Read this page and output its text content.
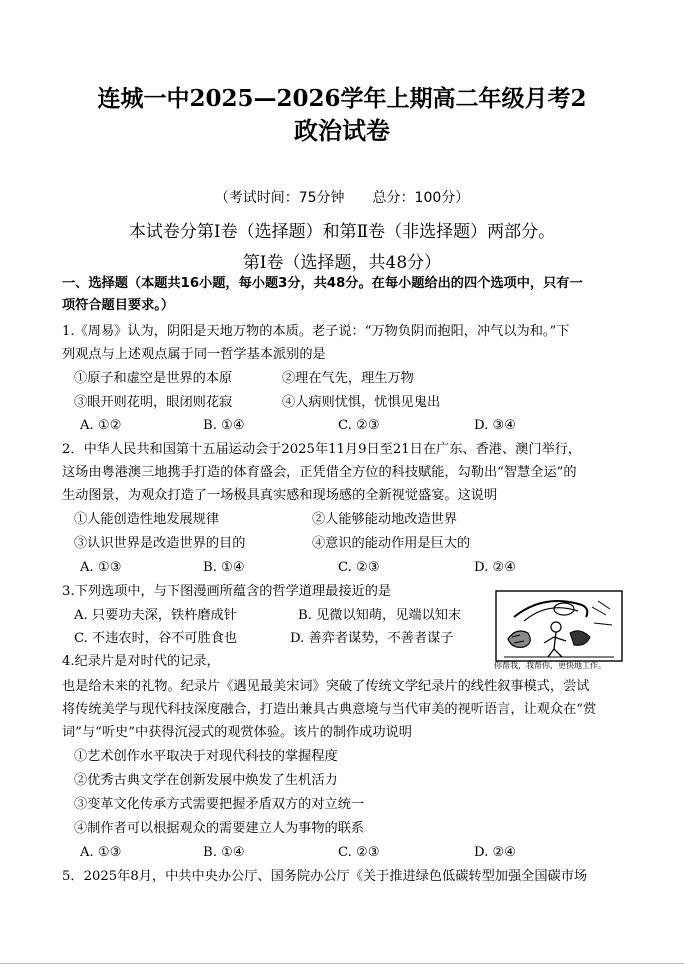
连城一中2025—2026学年上期高二年级月考2
政治试卷
（考试时间：75分钟 总分：100分）
本试卷分第Ⅰ卷（选择题）和第Ⅱ卷（非选择题）两部分。
第Ⅰ卷（选择题，共48分）
一、选择题（本题共16小题，每小题3分，共48分。在每小题给出的四个选项中，只有一
项符合题目要求。）
1.《周易》认为，阴阳是天地万物的本质。老子说：“万物负阴而抱阳，冲气以为和。”下
列观点与上述观点属于同一哲学基本派别的是
①原子和虚空是世界的本原	②理在气先，理生万物
③眼开则花明，眼闭则花寂	④人病则忧惧，忧惧见鬼出
A. ①②	B. ①④	C. ②③	D. ③④
2．中华人民共和国第十五届运动会于2025年11月9日至21日在广东、香港、澳门举行，
这场由粤港澳三地携手打造的体育盛会，正凭借全方位的科技赋能，勾勒出“智慧全运”的
生动图景，为观众打造了一场极具真实感和现场感的全新视觉盛宴。这说明
①人能创造性地发展规律	②人能够能动地改造世界
③认识世界是改造世界的目的	④意识的能动作用是巨大的
A. ①③	B. ①④	C. ②③	D. ②④
3.下列选项中，与下图漫画所蕴含的哲学道理最接近的是
A. 只要功夫深，铁杵磨成针	B. 见微以知萌，见端以知末
C. 不违农时，谷不可胜食也	D. 善弈者谋势，不善者谋子
你帮我，我帮你，更快地工作。
4.纪录片是对时代的记录，
也是给未来的礼物。纪录片《遇见最美宋词》突破了传统文学纪录片的线性叙事模式，尝试
将传统美学与现代科技深度融合，打造出兼具古典意境与当代审美的视听语言，让观众在“赏
词”与“听史”中获得沉浸式的观赏体验。该片的制作成功说明
①艺术创作水平取决于对现代科技的掌握程度
②优秀古典文学在创新发展中焕发了生机活力
③变革文化传承方式需要把握矛盾双方的对立统一
④制作者可以根据观众的需要建立人为事物的联系
A. ①③	B. ①④	C. ②③	D. ②④
5．2025年8月，中共中央办公厅、国务院办公厅《关于推进绿色低碳转型加强全国碳市场
